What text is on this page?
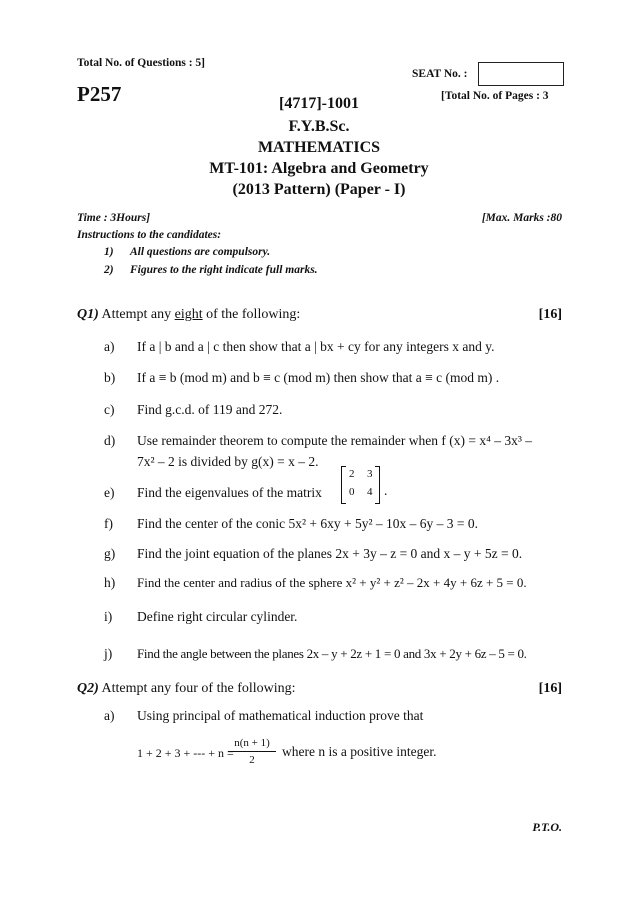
Total No. of Questions : 5]
SEAT No. :
P257	[Total No. of Pages : 3
[4717]-1001
F.Y.B.Sc.
MATHEMATICS
MT-101: Algebra and Geometry
(2013 Pattern) (Paper - I)
Time : 3Hours]	[Max. Marks :80
Instructions to the candidates:
1) All questions are compulsory.
2) Figures to the right indicate full marks.
Q1) Attempt any eight of the following:	[16]
a) If a | b and a | c then show that a | bx + cy for any integers x and y.
b) If a ≡ b (mod m) and b ≡ c (mod m) then show that a ≡ c (mod m) .
c) Find g.c.d. of 119 and 272.
d) Use remainder theorem to compute the remainder when f (x) = x⁴ – 3x³ –
7x² – 2 is divided by g(x) = x – 2.
e) Find the eigenvalues of the matrix
2 3
0 4 .
f) Find the center of the conic 5x² + 6xy + 5y² – 10x – 6y – 3 = 0.
g) Find the joint equation of the planes 2x + 3y – z = 0 and x – y + 5z = 0.
h) Find the center and radius of the sphere x² + y² + z² – 2x + 4y + 6z + 5 = 0.
i) Define right circular cylinder.
j) Find the angle between the planes 2x – y + 2z + 1 = 0 and 3x + 2y + 6z – 5 = 0.
Q2) Attempt any four of the following:	[16]
a) Using principal of mathematical induction prove that
1 + 2 + 3 + --- + n =
$\frac{n(n + 1)}{2}$ where n is a positive integer.
P.T.O.
